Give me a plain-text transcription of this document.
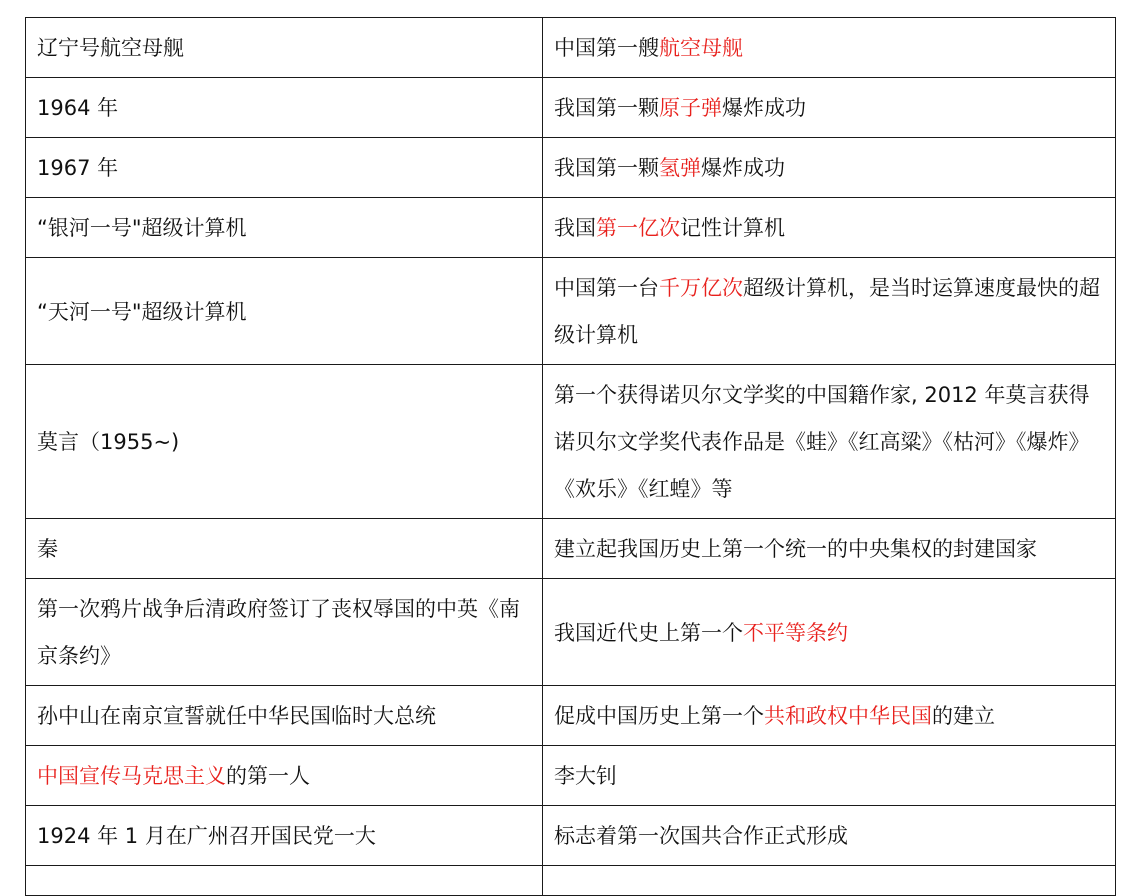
辽宁号航空母舰	中国第一艘航空母舰
1964 年	我国第一颗原子弹爆炸成功
1967 年	我国第一颗氢弹爆炸成功
“银河一号"超级计算机	我国第一亿次记性计算机
“天河一号"超级计算机	中国第一台千万亿次超级计算机，是当时运算速度最快的超级计算机
莫言（1955~)	第一个获得诺贝尔文学奖的中国籍作家, 2012 年莫言获得诺贝尔文学奖代表作品是《蛙》《红高粱》《枯河》《爆炸》《欢乐》《红蝗》等
秦	建立起我国历史上第一个统一的中央集权的封建国家
第一次鸦片战争后清政府签订了丧权辱国的中英《南京条约》	我国近代史上第一个不平等条约
孙中山在南京宣誓就任中华民国临时大总统	促成中国历史上第一个共和政权中华民国的建立
中国宣传马克思主义的第一人	李大钊
1924 年 1 月在广州召开国民党一大	标志着第一次国共合作正式形成
